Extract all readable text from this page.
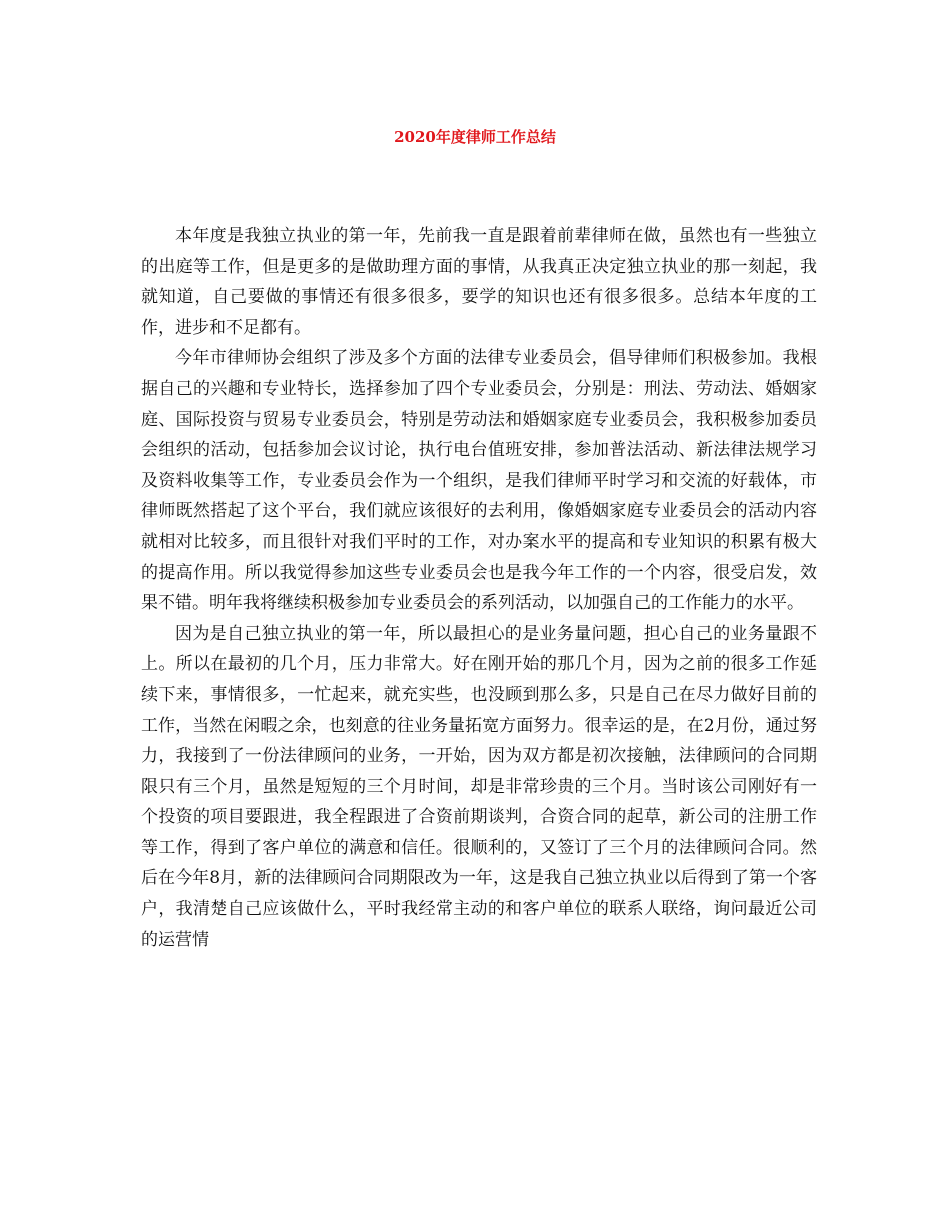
2020年度律师工作总结

本年度是我独立执业的第一年，先前我一直是跟着前辈律师在做，虽然也有一些独立的出庭等工作，但是更多的是做助理方面的事情，从我真正决定独立执业的那一刻起，我就知道，自己要做的事情还有很多很多，要学的知识也还有很多很多。总结本年度的工作，进步和不足都有。

今年市律师协会组织了涉及多个方面的法律专业委员会，倡导律师们积极参加。我根据自己的兴趣和专业特长，选择参加了四个专业委员会，分别是：刑法、劳动法、婚姻家庭、国际投资与贸易专业委员会，特别是劳动法和婚姻家庭专业委员会，我积极参加委员会组织的活动，包括参加会议讨论，执行电台值班安排，参加普法活动、新法律法规学习及资料收集等工作，专业委员会作为一个组织，是我们律师平时学习和交流的好载体，市律师既然搭起了这个平台，我们就应该很好的去利用，像婚姻家庭专业委员会的活动内容就相对比较多，而且很针对我们平时的工作，对办案水平的提高和专业知识的积累有极大的提高作用。所以我觉得参加这些专业委员会也是我今年工作的一个内容，很受启发，效果不错。明年我将继续积极参加专业委员会的系列活动，以加强自己的工作能力的水平。

因为是自己独立执业的第一年，所以最担心的是业务量问题，担心自己的业务量跟不上。所以在最初的几个月，压力非常大。好在刚开始的那几个月，因为之前的很多工作延续下来，事情很多，一忙起来，就充实些，也没顾到那么多，只是自己在尽力做好目前的工作，当然在闲暇之余，也刻意的往业务量拓宽方面努力。很幸运的是，在2月份，通过努力，我接到了一份法律顾问的业务，一开始，因为双方都是初次接触，法律顾问的合同期限只有三个月，虽然是短短的三个月时间，却是非常珍贵的三个月。当时该公司刚好有一个投资的项目要跟进，我全程跟进了合资前期谈判，合资合同的起草，新公司的注册工作等工作，得到了客户单位的满意和信任。很顺利的，又签订了三个月的法律顾问合同。然后在今年8月，新的法律顾问合同期限改为一年，这是我自己独立执业以后得到了第一个客户，我清楚自己应该做什么，平时我经常主动的和客户单位的联系人联络，询问最近公司的运营情
